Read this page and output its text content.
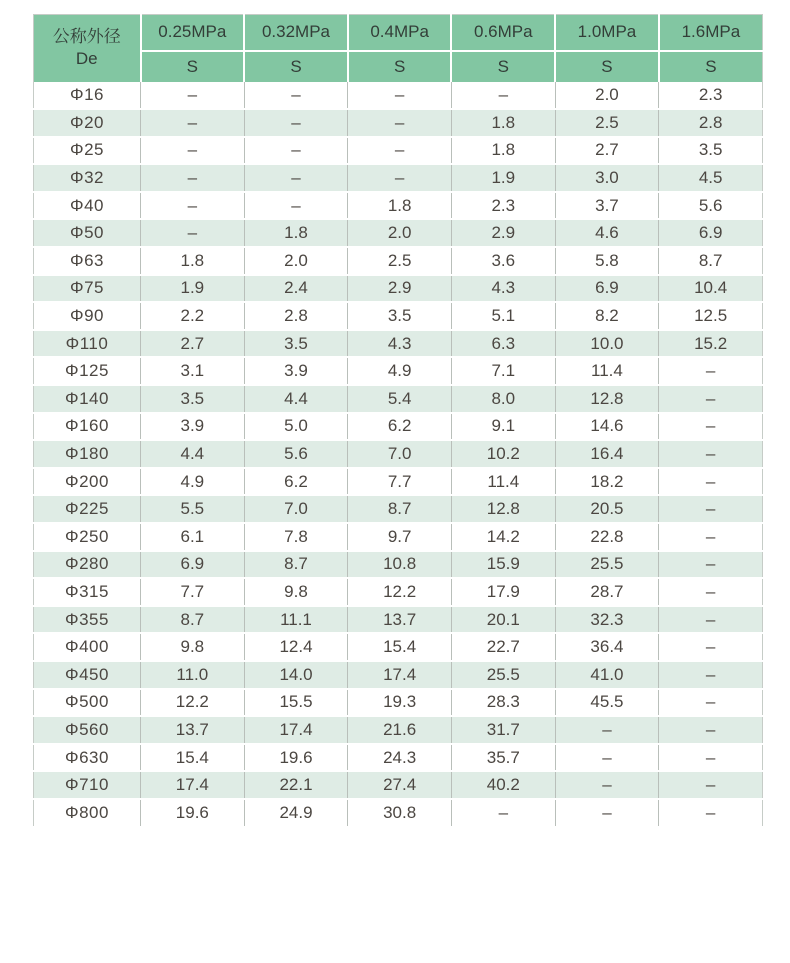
公称外径
De	0.25MPa	0.32MPa	0.4MPa	0.6MPa	1.0MPa	1.6MPa
	S	S	S	S	S	S
Φ16	–	–	–	–	2.0	2.3
Φ20	–	–	–	1.8	2.5	2.8
Φ25	–	–	–	1.8	2.7	3.5
Φ32	–	–	–	1.9	3.0	4.5
Φ40	–	–	1.8	2.3	3.7	5.6
Φ50	–	1.8	2.0	2.9	4.6	6.9
Φ63	1.8	2.0	2.5	3.6	5.8	8.7
Φ75	1.9	2.4	2.9	4.3	6.9	10.4
Φ90	2.2	2.8	3.5	5.1	8.2	12.5
Φ110	2.7	3.5	4.3	6.3	10.0	15.2
Φ125	3.1	3.9	4.9	7.1	11.4	–
Φ140	3.5	4.4	5.4	8.0	12.8	–
Φ160	3.9	5.0	6.2	9.1	14.6	–
Φ180	4.4	5.6	7.0	10.2	16.4	–
Φ200	4.9	6.2	7.7	11.4	18.2	–
Φ225	5.5	7.0	8.7	12.8	20.5	–
Φ250	6.1	7.8	9.7	14.2	22.8	–
Φ280	6.9	8.7	10.8	15.9	25.5	–
Φ315	7.7	9.8	12.2	17.9	28.7	–
Φ355	8.7	11.1	13.7	20.1	32.3	–
Φ400	9.8	12.4	15.4	22.7	36.4	–
Φ450	11.0	14.0	17.4	25.5	41.0	–
Φ500	12.2	15.5	19.3	28.3	45.5	–
Φ560	13.7	17.4	21.6	31.7	–	–
Φ630	15.4	19.6	24.3	35.7	–	–
Φ710	17.4	22.1	27.4	40.2	–	–
Φ800	19.6	24.9	30.8	–	–	–
